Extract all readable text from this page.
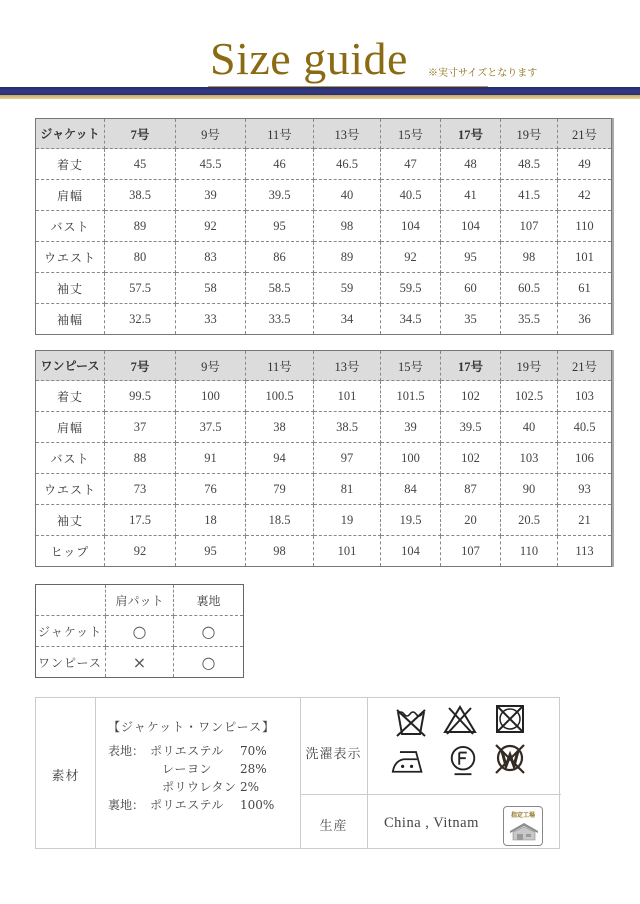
Size guide ※実寸サイズとなります
ジャケット	7号	9号	11号	13号	15号	17号	19号	21号
着丈	45	45.5	46	46.5	47	48	48.5	49
肩幅	38.5	39	39.5	40	40.5	41	41.5	42
バスト	89	92	95	98	104	104	107	110
ウエスト	80	83	86	89	92	95	98	101
袖丈	57.5	58	58.5	59	59.5	60	60.5	61
袖幅	32.5	33	33.5	34	34.5	35	35.5	36
ワンピース	7号	9号	11号	13号	15号	17号	19号	21号
着丈	99.5	100	100.5	101	101.5	102	102.5	103
肩幅	37	37.5	38	38.5	39	39.5	40	40.5
バスト	88	91	94	97	100	102	103	106
ウエスト	73	76	79	81	84	87	90	93
袖丈	17.5	18	18.5	19	19.5	20	20.5	21
ヒップ	92	95	98	101	104	107	110	113
	肩パット	裏地
ジャケット	○	○
ワンピース	×	○
素材
【ジャケット・ワンピース】
表地： ポリエステル	70%
レーヨン	28%
ポリウレタン 2%
裏地： ポリエステル	100%
洗濯表示
生産	China , Vitnam	指定工場
